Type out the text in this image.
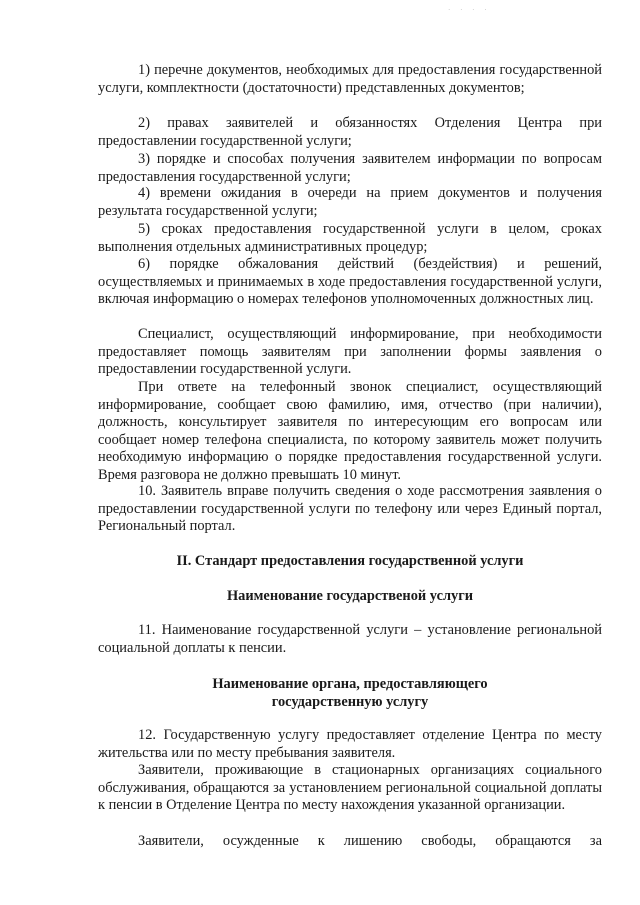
· · · ·

1) перечне документов, необходимых для предоставления государственной услуги, комплектности (достаточности) представленных документов;

2) правах заявителей и обязанностях Отделения Центра при предоставлении государственной услуги;

3) порядке и способах получения заявителем информации по вопросам предоставления государственной услуги;

4) времени ожидания в очереди на прием документов и получения результата государственной услуги;

5) сроках предоставления государственной услуги в целом, сроках выполнения отдельных административных процедур;

6) порядке обжалования действий (бездействия) и решений, осуществляемых и принимаемых в ходе предоставления государственной услуги, включая информацию о номерах телефонов уполномоченных должностных лиц.

Специалист, осуществляющий информирование, при необходимости предоставляет помощь заявителям при заполнении формы заявления о предоставлении государственной услуги.

При ответе на телефонный звонок специалист, осуществляющий информирование, сообщает свою фамилию, имя, отчество (при наличии), должность, консультирует заявителя по интересующим его вопросам или сообщает номер телефона специалиста, по которому заявитель может получить необходимую информацию о порядке предоставления государственной услуги. Время разговора не должно превышать 10 минут.

10. Заявитель вправе получить сведения о ходе рассмотрения заявления о предоставлении государственной услуги по телефону или через Единый портал, Региональный портал.

II. Стандарт предоставления государственной услуги
Наименование государственой услуги

11. Наименование государственной услуги – установление региональной социальной доплаты к пенсии.

Наименование органа, предоставляющего
государственную услугу

12. Государственную услугу предоставляет отделение Центра по месту жительства или по месту пребывания заявителя.

Заявители, проживающие в стационарных организациях социального обслуживания, обращаются за установлением региональной социальной доплаты к пенсии в Отделение Центра по месту нахождения указанной организации.

Заявители, осужденные к лишению свободы, обращаются за
